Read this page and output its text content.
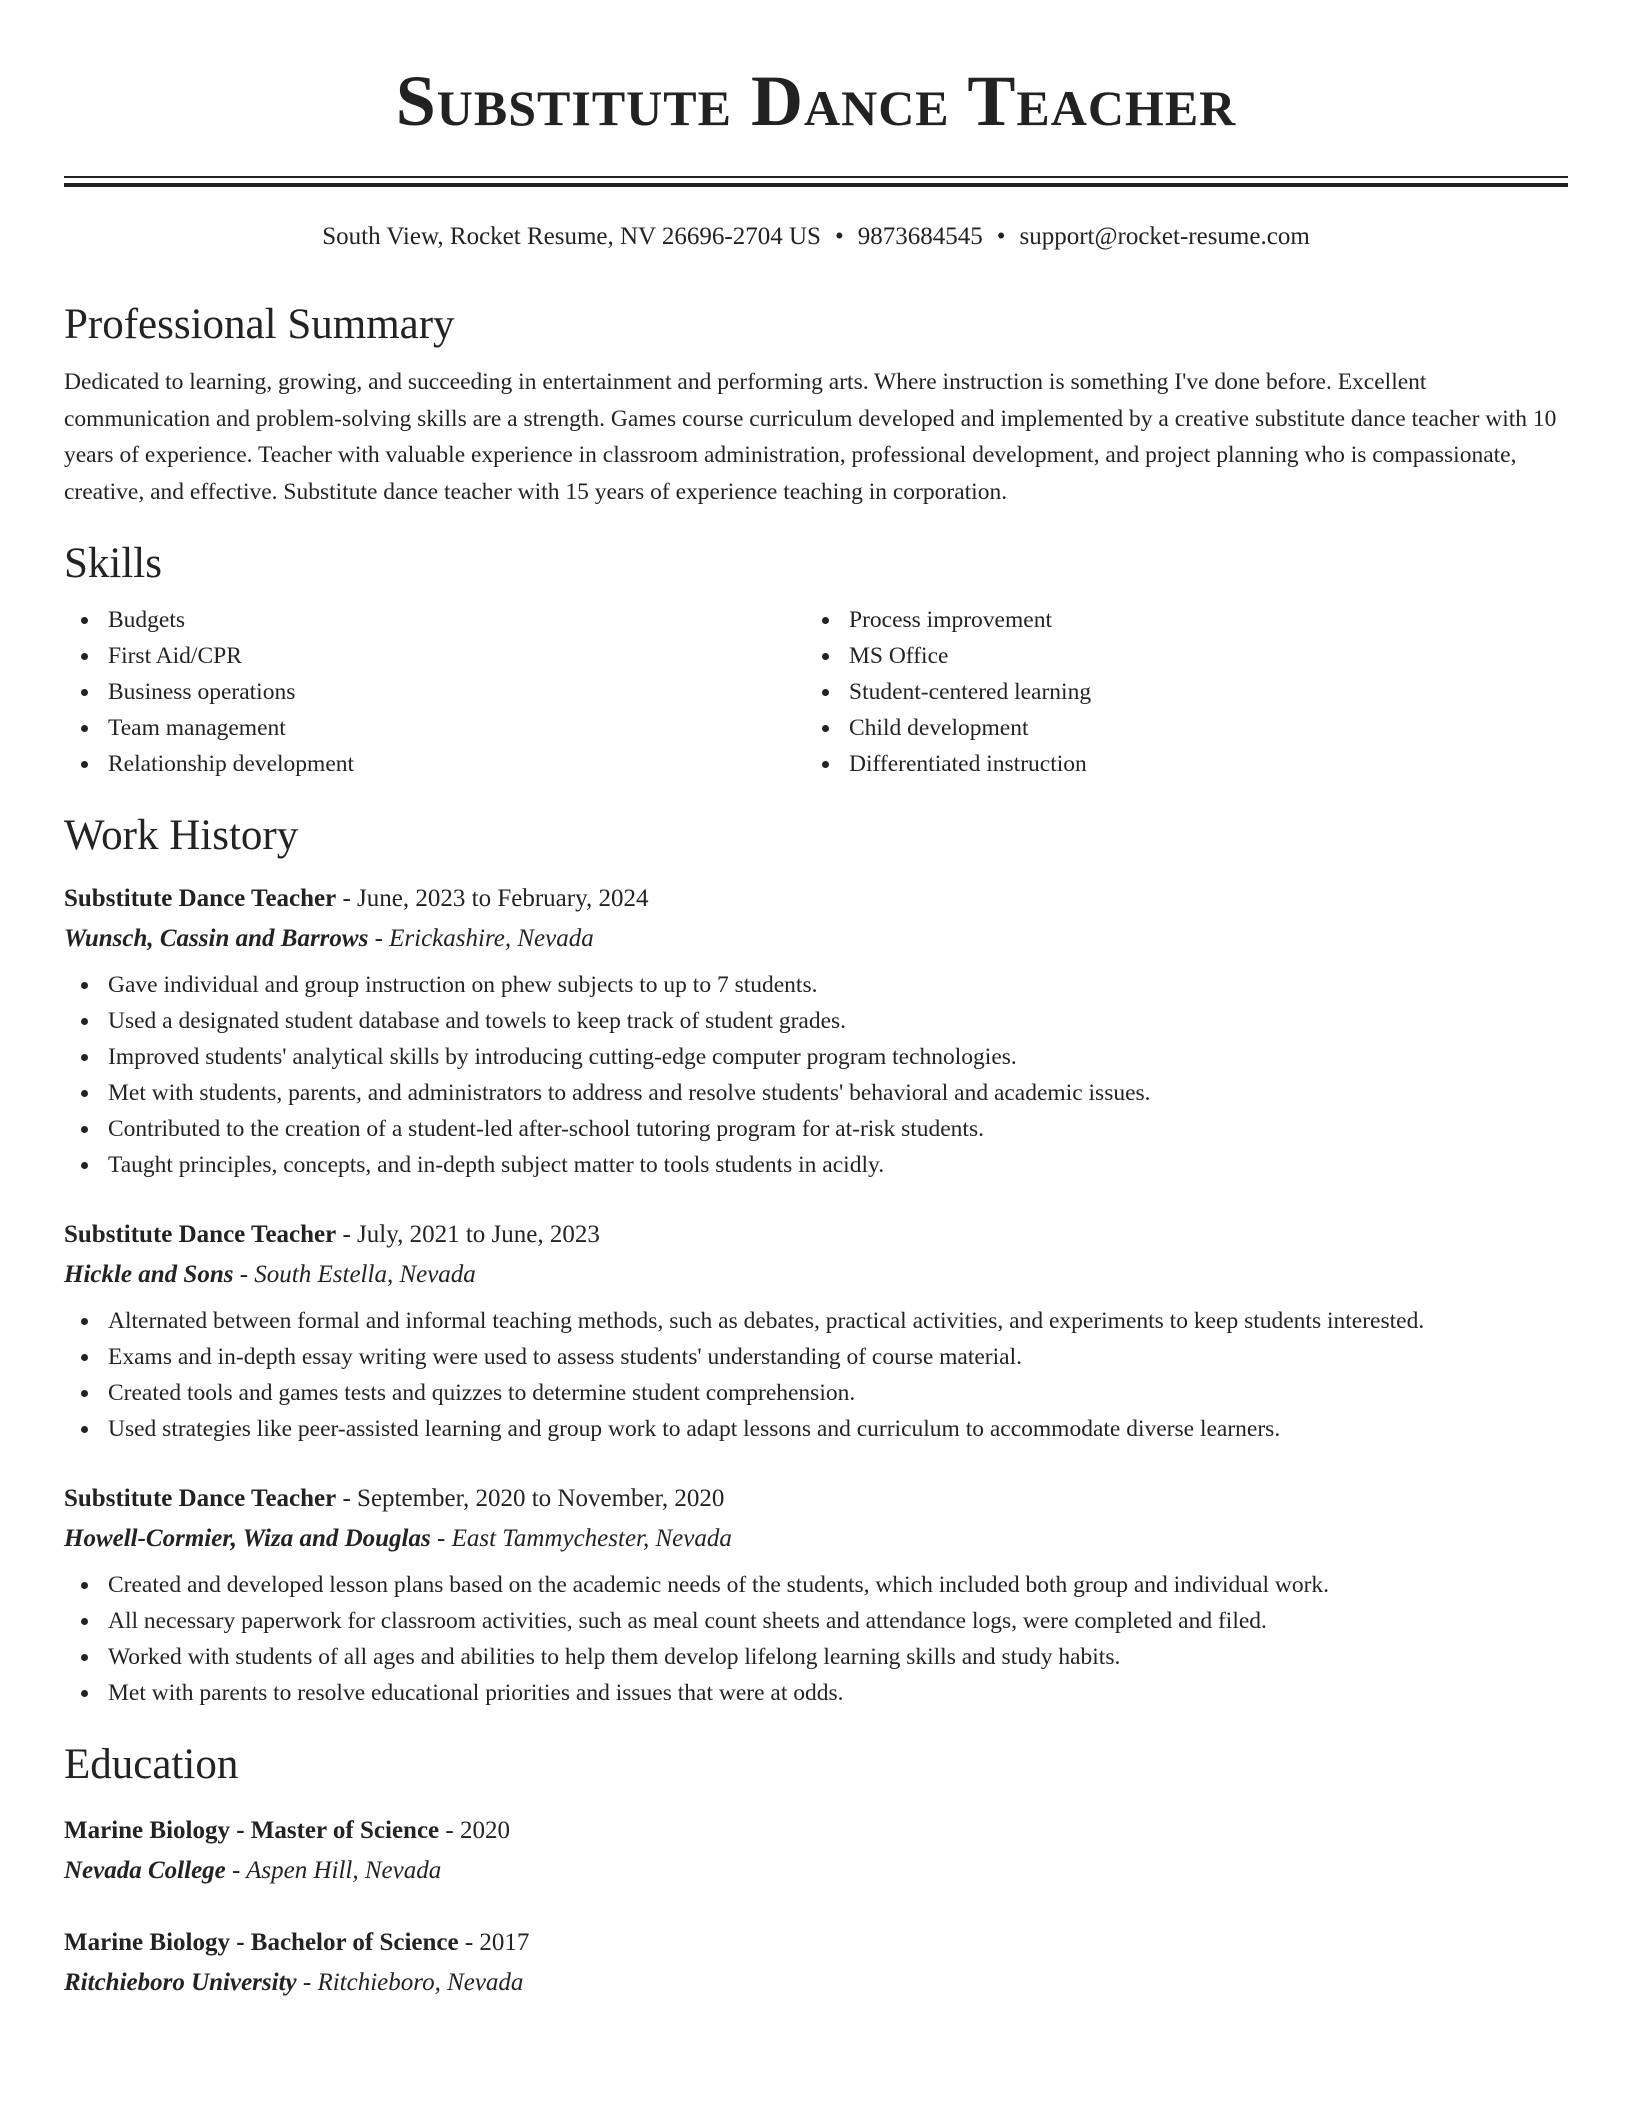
Substitute Dance Teacher
South View, Rocket Resume, NV 26696-2704 US • 9873684545 • support@rocket-resume.com
Professional Summary
Dedicated to learning, growing, and succeeding in entertainment and performing arts. Where instruction is something I've done before. Excellent communication and problem-solving skills are a strength. Games course curriculum developed and implemented by a creative substitute dance teacher with 10 years of experience. Teacher with valuable experience in classroom administration, professional development, and project planning who is compassionate, creative, and effective. Substitute dance teacher with 15 years of experience teaching in corporation.
Skills
Budgets
First Aid/CPR
Business operations
Team management
Relationship development
Process improvement
MS Office
Student-centered learning
Child development
Differentiated instruction
Work History
Substitute Dance Teacher - June, 2023 to February, 2024
Wunsch, Cassin and Barrows - Erickashire, Nevada
Gave individual and group instruction on phew subjects to up to 7 students.
Used a designated student database and towels to keep track of student grades.
Improved students' analytical skills by introducing cutting-edge computer program technologies.
Met with students, parents, and administrators to address and resolve students' behavioral and academic issues.
Contributed to the creation of a student-led after-school tutoring program for at-risk students.
Taught principles, concepts, and in-depth subject matter to tools students in acidly.
Substitute Dance Teacher - July, 2021 to June, 2023
Hickle and Sons - South Estella, Nevada
Alternated between formal and informal teaching methods, such as debates, practical activities, and experiments to keep students interested.
Exams and in-depth essay writing were used to assess students' understanding of course material.
Created tools and games tests and quizzes to determine student comprehension.
Used strategies like peer-assisted learning and group work to adapt lessons and curriculum to accommodate diverse learners.
Substitute Dance Teacher - September, 2020 to November, 2020
Howell-Cormier, Wiza and Douglas - East Tammychester, Nevada
Created and developed lesson plans based on the academic needs of the students, which included both group and individual work.
All necessary paperwork for classroom activities, such as meal count sheets and attendance logs, were completed and filed.
Worked with students of all ages and abilities to help them develop lifelong learning skills and study habits.
Met with parents to resolve educational priorities and issues that were at odds.
Education
Marine Biology - Master of Science - 2020
Nevada College - Aspen Hill, Nevada
Marine Biology - Bachelor of Science - 2017
Ritchieboro University - Ritchieboro, Nevada
